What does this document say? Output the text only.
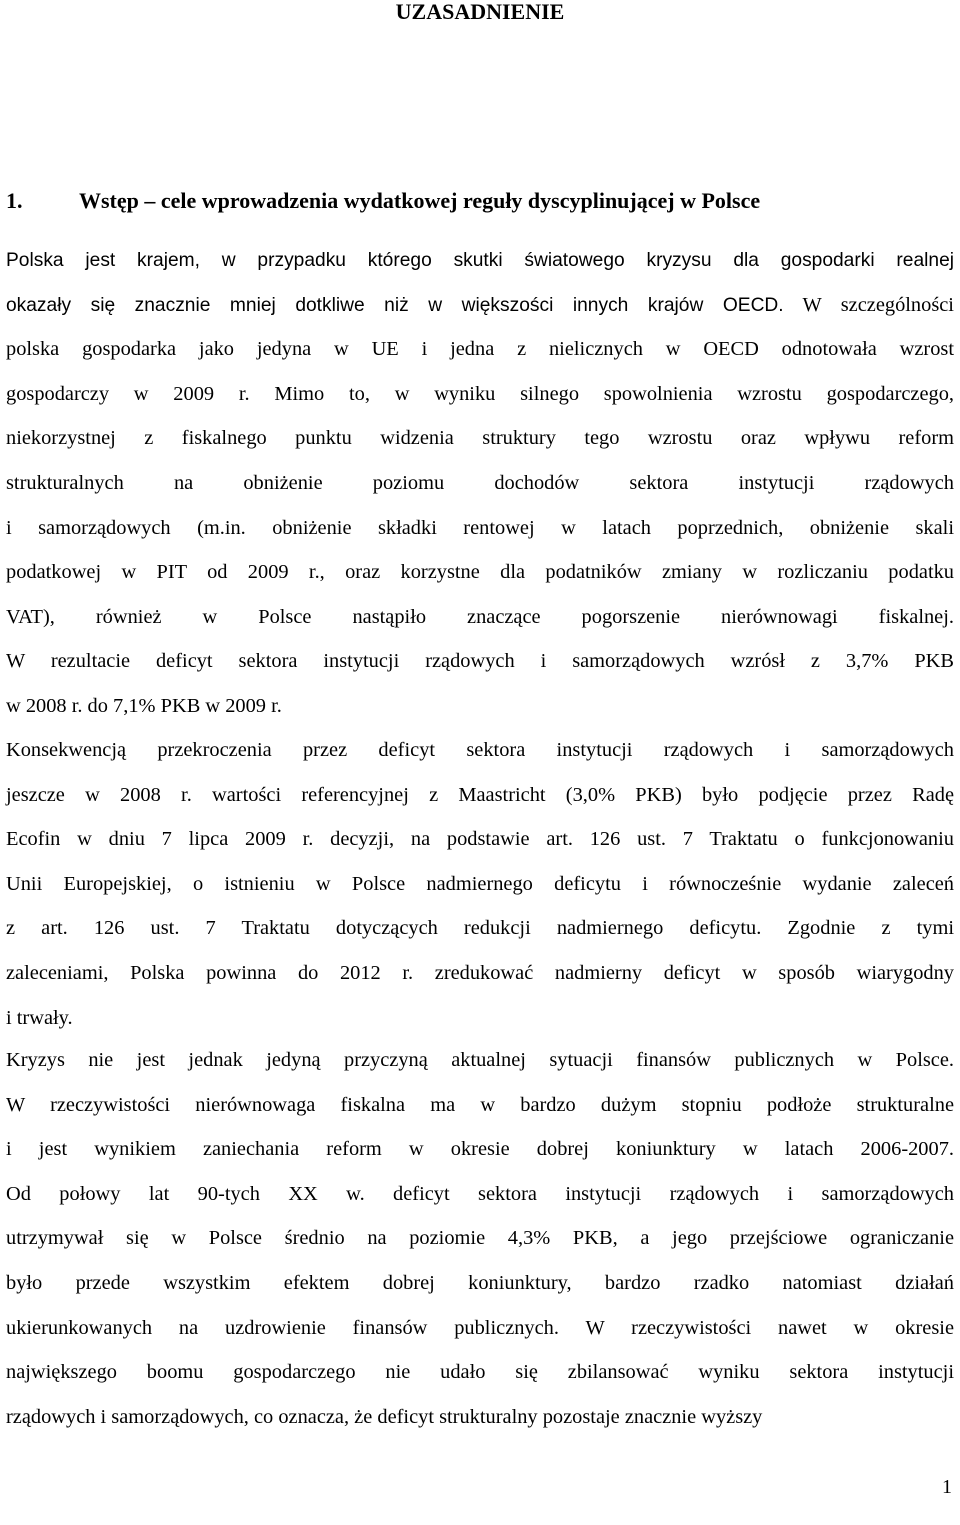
UZASADNIENIE
1.	Wstęp – cele wprowadzenia wydatkowej reguły dyscyplinującej w Polsce
Polska jest krajem, w przypadku którego skutki światowego kryzysu dla gospodarki realnej
okazały się znacznie mniej dotkliwe niż w większości innych krajów OECD. W szczególności
polska gospodarka jako jedyna w UE i jedna z nielicznych w OECD odnotowała wzrost
gospodarczy w 2009 r. Mimo to, w wyniku silnego spowolnienia wzrostu gospodarczego,
niekorzystnej z fiskalnego punktu widzenia struktury tego wzrostu oraz wpływu reform
strukturalnych na obniżenie poziomu dochodów sektora instytucji rządowych
i samorządowych (m.in. obniżenie składki rentowej w latach poprzednich, obniżenie skali
podatkowej w PIT od 2009 r., oraz korzystne dla podatników zmiany w rozliczaniu podatku
VAT), również w Polsce nastąpiło znaczące pogorszenie nierównowagi fiskalnej.
W rezultacie deficyt sektora instytucji rządowych i samorządowych wzrósł z 3,7% PKB
w 2008 r. do 7,1% PKB w 2009 r.
Konsekwencją przekroczenia przez deficyt sektora instytucji rządowych i samorządowych
jeszcze w 2008 r. wartości referencyjnej z Maastricht (3,0% PKB) było podjęcie przez Radę
Ecofin w dniu 7 lipca 2009 r. decyzji, na podstawie art. 126 ust. 7 Traktatu o funkcjonowaniu
Unii Europejskiej, o istnieniu w Polsce nadmiernego deficytu i równocześnie wydanie zaleceń
z art. 126 ust. 7 Traktatu dotyczących redukcji nadmiernego deficytu. Zgodnie z tymi
zaleceniami, Polska powinna do 2012 r. zredukować nadmierny deficyt w sposób wiarygodny
i trwały.
Kryzys nie jest jednak jedyną przyczyną aktualnej sytuacji finansów publicznych w Polsce.
W rzeczywistości nierównowaga fiskalna ma w bardzo dużym stopniu podłoże strukturalne
i jest wynikiem zaniechania reform w okresie dobrej koniunktury w latach 2006-2007.
Od połowy lat 90-tych XX w. deficyt sektora instytucji rządowych i samorządowych
utrzymywał się w Polsce średnio na poziomie 4,3% PKB, a jego przejściowe ograniczanie
było przede wszystkim efektem dobrej koniunktury, bardzo rzadko natomiast działań
ukierunkowanych na uzdrowienie finansów publicznych. W rzeczywistości nawet w okresie
największego boomu gospodarczego nie udało się zbilansować wyniku sektora instytucji
rządowych i samorządowych, co oznacza, że deficyt strukturalny pozostaje znacznie wyższy

1
